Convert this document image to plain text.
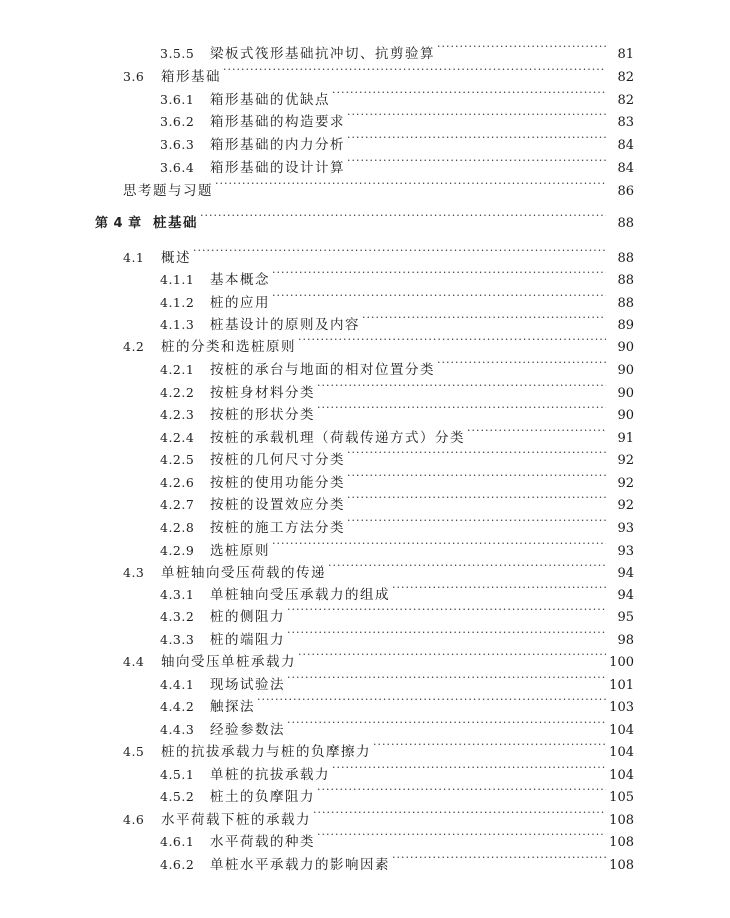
3.5.5	梁板式筏形基础抗冲切、抗剪验算 ·····	81
3.6	箱形基础 ·····	82
3.6.1	箱形基础的优缺点 ·····	82
3.6.2	箱形基础的构造要求 ·····	83
3.6.3	箱形基础的内力分析 ·····	84
3.6.4	箱形基础的设计计算 ·····	84
思考题与习题 ·····	86
第 4 章 桩基础 ·····	88
4.1	概述 ·····	88
4.1.1	基本概念 ·····	88
4.1.2	桩的应用 ·····	88
4.1.3	桩基设计的原则及内容 ·····	89
4.2	桩的分类和选桩原则 ·····	90
4.2.1	按桩的承台与地面的相对位置分类 ·····	90
4.2.2	按桩身材料分类 ·····	90
4.2.3	按桩的形状分类 ·····	90
4.2.4	按桩的承载机理（荷载传递方式）分类 ·····	91
4.2.5	按桩的几何尺寸分类 ·····	92
4.2.6	按桩的使用功能分类 ·····	92
4.2.7	按桩的设置效应分类 ·····	92
4.2.8	按桩的施工方法分类 ·····	93
4.2.9	选桩原则 ·····	93
4.3	单桩轴向受压荷载的传递 ·····	94
4.3.1	单桩轴向受压承载力的组成 ·····	94
4.3.2	桩的侧阻力 ·····	95
4.3.3	桩的端阻力 ·····	98
4.4	轴向受压单桩承载力 ·····	100
4.4.1	现场试验法 ·····	101
4.4.2	触探法 ·····	103
4.4.3	经验参数法 ·····	104
4.5	桩的抗拔承载力与桩的负摩擦力 ·····	104
4.5.1	单桩的抗拔承载力 ·····	104
4.5.2	桩土的负摩阻力 ·····	105
4.6	水平荷载下桩的承载力 ·····	108
4.6.1	水平荷载的种类 ·····	108
4.6.2	单桩水平承载力的影响因素 ·····	108
